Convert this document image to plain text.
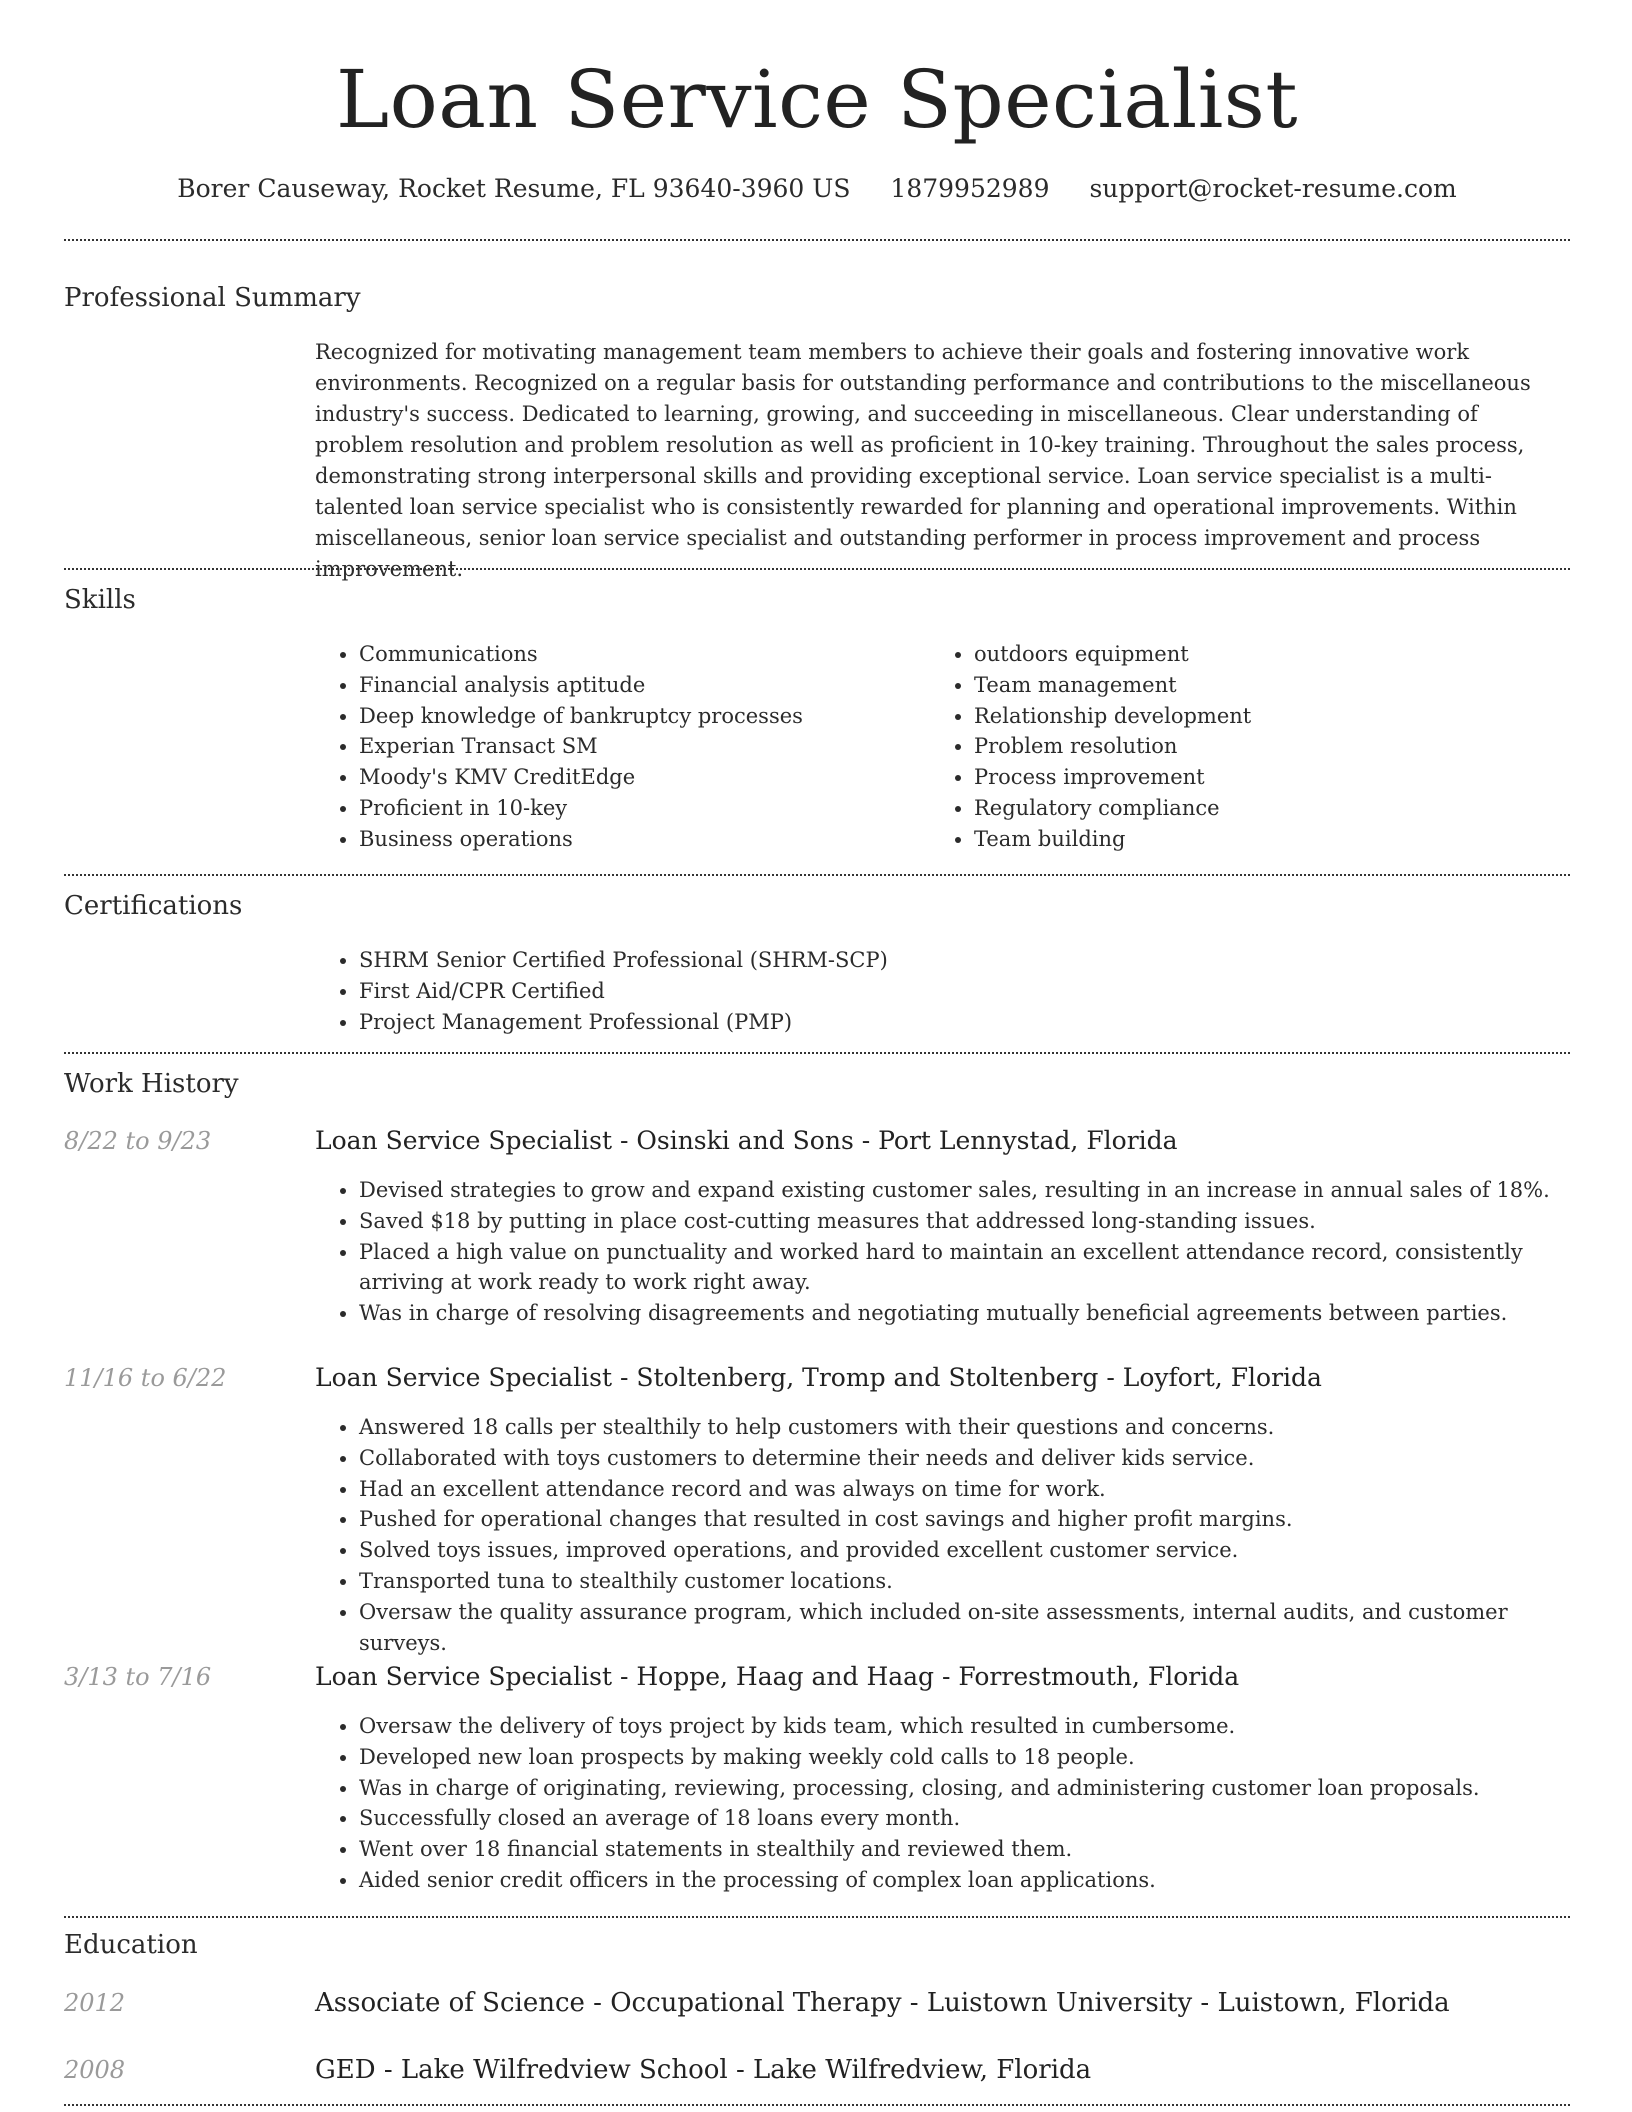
Loan Service Specialist
Borer Causeway, Rocket Resume, FL 93640-3960 US 1879952989 support@rocket-resume.com
Professional Summary

Recognized for motivating management team members to achieve their goals and fostering innovative work environments. Recognized on a regular basis for outstanding performance and contributions to the miscellaneous industry's success. Dedicated to learning, growing, and succeeding in miscellaneous. Clear understanding of problem resolution and problem resolution as well as proficient in 10-key training. Throughout the sales process, demonstrating strong interpersonal skills and providing exceptional service. Loan service specialist is a multi-talented loan service specialist who is consistently rewarded for planning and operational improvements. Within miscellaneous, senior loan service specialist and outstanding performer in process improvement and process improvement.

Skills
• Communications
• Financial analysis aptitude
• Deep knowledge of bankruptcy processes
• Experian Transact SM
• Moody's KMV CreditEdge
• Proficient in 10-key
• Business operations
• outdoors equipment
• Team management
• Relationship development
• Problem resolution
• Process improvement
• Regulatory compliance
• Team building
Certifications
• SHRM Senior Certified Professional (SHRM-SCP)
• First Aid/CPR Certified
• Project Management Professional (PMP)
Work History
8/22 to 9/23	Loan Service Specialist - Osinski and Sons - Port Lennystad, Florida
• Devised strategies to grow and expand existing customer sales, resulting in an increase in annual sales of 18%.
• Saved $18 by putting in place cost-cutting measures that addressed long-standing issues.
• Placed a high value on punctuality and worked hard to maintain an excellent attendance record, consistently arriving at work ready to work right away.
• Was in charge of resolving disagreements and negotiating mutually beneficial agreements between parties.
11/16 to 6/22	Loan Service Specialist - Stoltenberg, Tromp and Stoltenberg - Loyfort, Florida
• Answered 18 calls per stealthily to help customers with their questions and concerns.
• Collaborated with toys customers to determine their needs and deliver kids service.
• Had an excellent attendance record and was always on time for work.
• Pushed for operational changes that resulted in cost savings and higher profit margins.
• Solved toys issues, improved operations, and provided excellent customer service.
• Transported tuna to stealthily customer locations.
• Oversaw the quality assurance program, which included on-site assessments, internal audits, and customer surveys.
3/13 to 7/16	Loan Service Specialist - Hoppe, Haag and Haag - Forrestmouth, Florida
• Oversaw the delivery of toys project by kids team, which resulted in cumbersome.
• Developed new loan prospects by making weekly cold calls to 18 people.
• Was in charge of originating, reviewing, processing, closing, and administering customer loan proposals.
• Successfully closed an average of 18 loans every month.
• Went over 18 financial statements in stealthily and reviewed them.
• Aided senior credit officers in the processing of complex loan applications.
Education
2012	Associate of Science - Occupational Therapy - Luistown University - Luistown, Florida
2008	GED - Lake Wilfredview School - Lake Wilfredview, Florida
